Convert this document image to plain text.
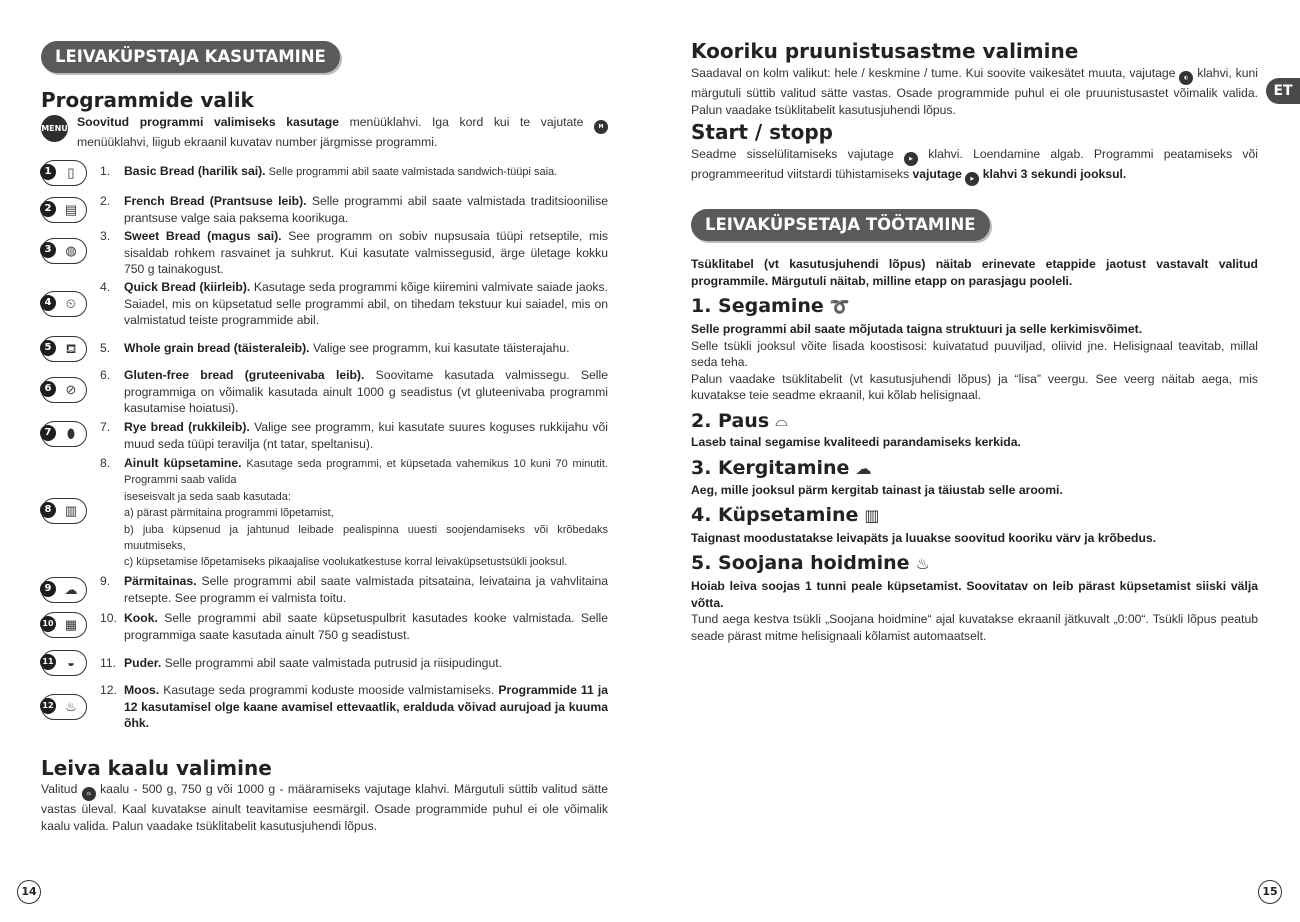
LEIVAKÜPSTAJA KASUTAMINE
Programmide valik
MENU Soovitud programmi valimiseks kasutage menüüklahvi. Iga kord kui te vajutate M menüüklahvi, liigub ekraanil kuvatav number järgmisse programmi.
1	▯	1. Basic Bread (harilik sai). Selle programmi abil saate valmistada sandwich-tüüpi saia.
2	▤
2. French Bread (Prantsuse leib). Selle programmi abil saate valmistada traditsioonilise prantsuse valge saia paksema koorikuga.
3	◍
3. Sweet Bread (magus sai). See programm on sobiv nupsusaia tüüpi retseptile, mis sisaldab rohkem rasvainet ja suhkrut. Kui kasutate valmissegusid, ärge ületage kokku 750 g tainakogust.
4	⏲
4. Quick Bread (kiirleib). Kasutage seda programmi kõige kiiremini valmivate saiade jaoks. Saiadel, mis on küpsetatud selle programmi abil, on tihedam tekstuur kui saiadel, mis on valmistatud teiste programmide abil.
5	⛾	5. Whole grain bread (täisteraleib). Valige see programm, kui kasutate täisterajahu.
6	⊘
6. Gluten-free bread (gruteenivaba leib). Soovitame kasutada valmissegu. Selle programmiga on võimalik kasutada ainult 1000 g seadistus (vt gluteenivaba programmi kasutamise hoiatusi).
7	⬮	7. Rye bread (rukkileib). Valige see programm, kui kasutate suures koguses rukkijahu või muud seda tüüpi teravilja (nt tatar, speltanisu).
8	▥
8. Ainult küpsetamine. Kasutage seda programmi, et küpsetada vahemikus 10 kuni 70 minutit. Programmi saab valida
iseseisvalt ja seda saab kasutada:
a) pärast pärmitaina programmi lõpetamist,
b) juba küpsenud ja jahtunud leibade pealispinna uuesti soojendamiseks või krõbedaks muutmiseks,
c) küpsetamise lõpetamiseks pikaajalise voolukatkestuse korral leivaküpsetustsükli jooksul.
9	☁
9. Pärmitainas. Selle programmi abil saate valmistada pitsataina, leivataina ja vahvlitaina retsepte. See programm ei valmista toitu.
10 ▦ 10. Kook. Selle programmi abil saate küpsetuspulbrit kasutades kooke valmistada. Selle programmiga saate kasutada ainult 750 g seadistust.
11	◒	11. Puder. Selle programmi abil saate valmistada putrusid ja riisipudingut.
12 ♨
12. Moos. Kasutage seda programmi koduste mooside valmistamiseks. Programmide 11 ja 12 kasutamisel olge kaane avamisel ettevaatlik, eralduda võivad aurujoad ja kuuma õhk.
Leiva kaalu valimine
Valitud ⚖ kaalu - 500 g, 750 g või 1000 g - määramiseks vajutage klahvi. Märgutuli süttib valitud sätte vastas üleval. Kaal kuvatakse ainult teavitamise eesmärgil. Osade programmide puhul ei ole võimalik kaalu valida. Palun vaadake tsüklitabelit kasutusjuhendi lõpus.
14
Kooriku pruunistusastme valimine
Saadaval on kolm valikut: hele / keskmine / tume. Kui soovite vaikesätet muuta, vajutage ◐ klahvi, kuni märgutuli süttib valitud sätte vastas. Osade programmide puhul ei ole pruunistusastet võimalik valida. Palun vaadake tsüklitabelit kasutusjuhendi lõpus.
ET
Start / stopp
Seadme sisselülitamiseks vajutage ▶ klahvi. Loendamine algab. Programmi peatamiseks või programmeeritud viitstardi tühistamiseks vajutage ▶ klahvi 3 sekundi jooksul.
LEIVAKÜPSETAJA TÖÖTAMINE
Tsüklitabel (vt kasutusjuhendi lõpus) näitab erinevate etappide jaotust vastavalt valitud programmile. Märgutuli näitab, milline etapp on parasjagu pooleli.
1. Segamine ➰
Selle programmi abil saate mõjutada taigna struktuuri ja selle kerkimisvõimet.
Selle tsükli jooksul võite lisada koostisosi: kuivatatud puuviljad, oliivid jne. Helisignaal teavitab, millal seda teha.
Palun vaadake tsüklitabelit (vt kasutusjuhendi lõpus) ja “lisa” veergu. See veerg näitab aega, mis kuvatakse teie seadme ekraanil, kui kõlab helisignaal.
2. Paus ⌓
Laseb tainal segamise kvaliteedi parandamiseks kerkida.
3. Kergitamine ☁
Aeg, mille jooksul pärm kergitab tainast ja täiustab selle aroomi.
4. Küpsetamine ▥
Taignast moodustatakse leivapäts ja luuakse soovitud kooriku värv ja krõbedus.
5. Soojana hoidmine ♨
Hoiab leiva soojas 1 tunni peale küpsetamist. Soovitatav on leib pärast küpsetamist siiski välja võtta.
Tund aega kestva tsükli „Soojana hoidmine“ ajal kuvatakse ekraanil jätkuvalt „0:00“. Tsükli lõpus peatub seade pärast mitme helisignaali kõlamist automaatselt.
15
